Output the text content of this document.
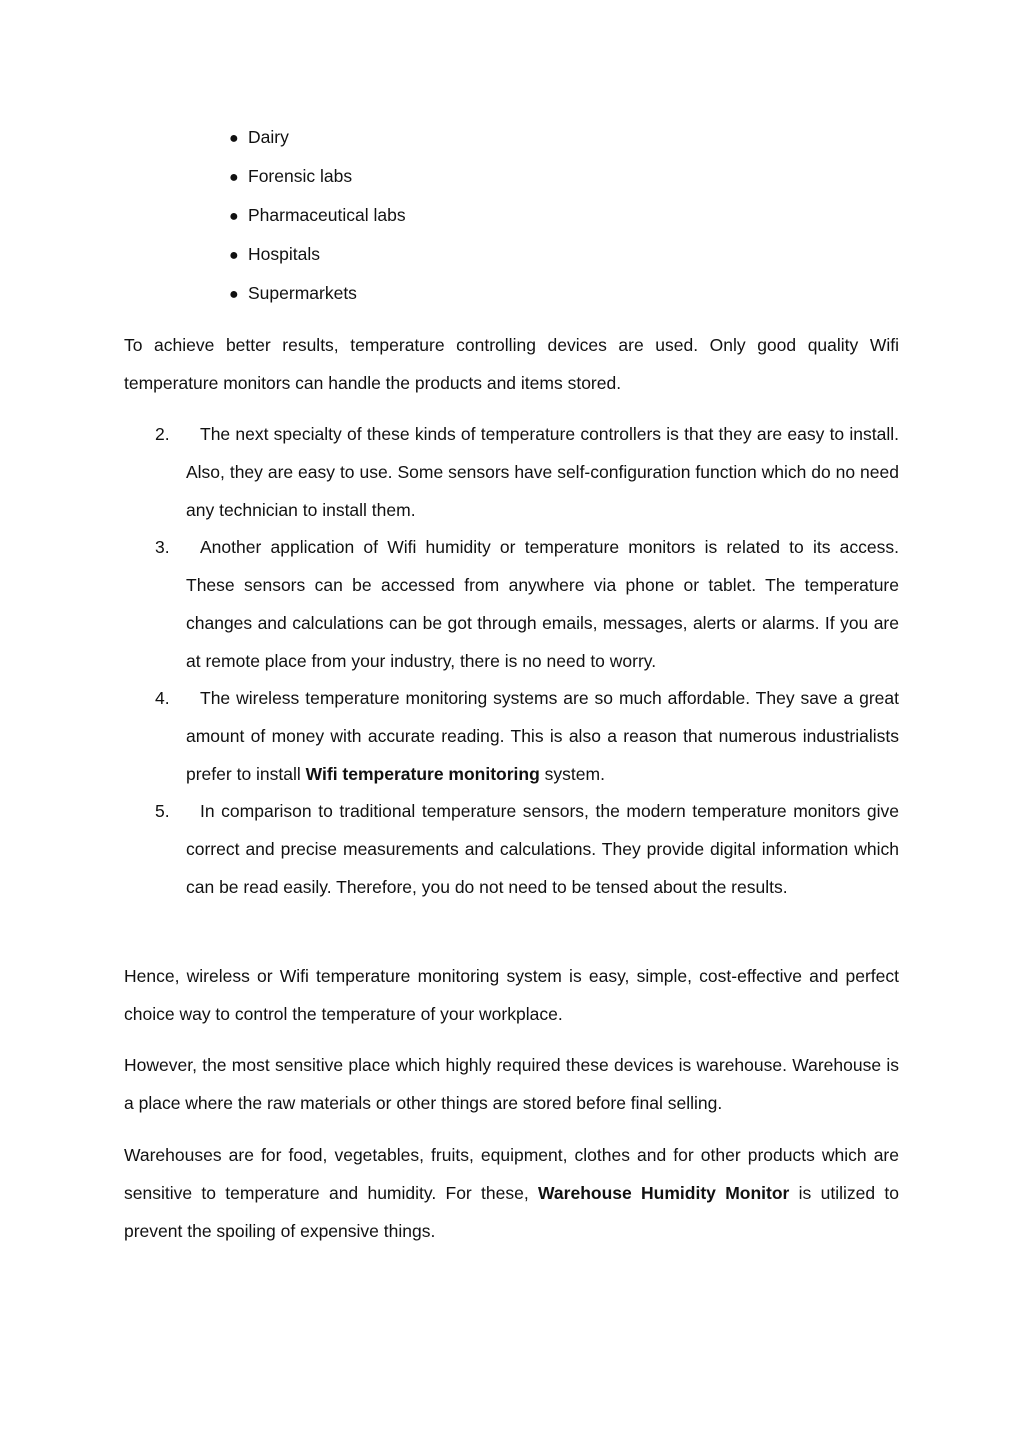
● Dairy
● Forensic labs
● Pharmaceutical labs
● Hospitals
● Supermarkets

To achieve better results, temperature controlling devices are used. Only good quality Wifi temperature monitors can handle the products and items stored.

2.	The next specialty of these kinds of temperature controllers is that they are easy to install. Also, they are easy to use. Some sensors have self-configuration function which do no need any technician to install them.

3.	Another application of Wifi humidity or temperature monitors is related to its access. These sensors can be accessed from anywhere via phone or tablet. The temperature changes and calculations can be got through emails, messages, alerts or alarms. If you are at remote place from your industry, there is no need to worry.

4.	The wireless temperature monitoring systems are so much affordable. They save a great amount of money with accurate reading. This is also a reason that numerous industrialists prefer to install Wifi temperature monitoring system.

5.	In comparison to traditional temperature sensors, the modern temperature monitors give correct and precise measurements and calculations. They provide digital information which can be read easily. Therefore, you do not need to be tensed about the results.

Hence, wireless or Wifi temperature monitoring system is easy, simple, cost-effective and perfect choice way to control the temperature of your workplace.

However, the most sensitive place which highly required these devices is warehouse. Warehouse is a place where the raw materials or other things are stored before final selling.

Warehouses are for food, vegetables, fruits, equipment, clothes and for other products which are sensitive to temperature and humidity. For these, Warehouse Humidity Monitor is utilized to prevent the spoiling of expensive things.
